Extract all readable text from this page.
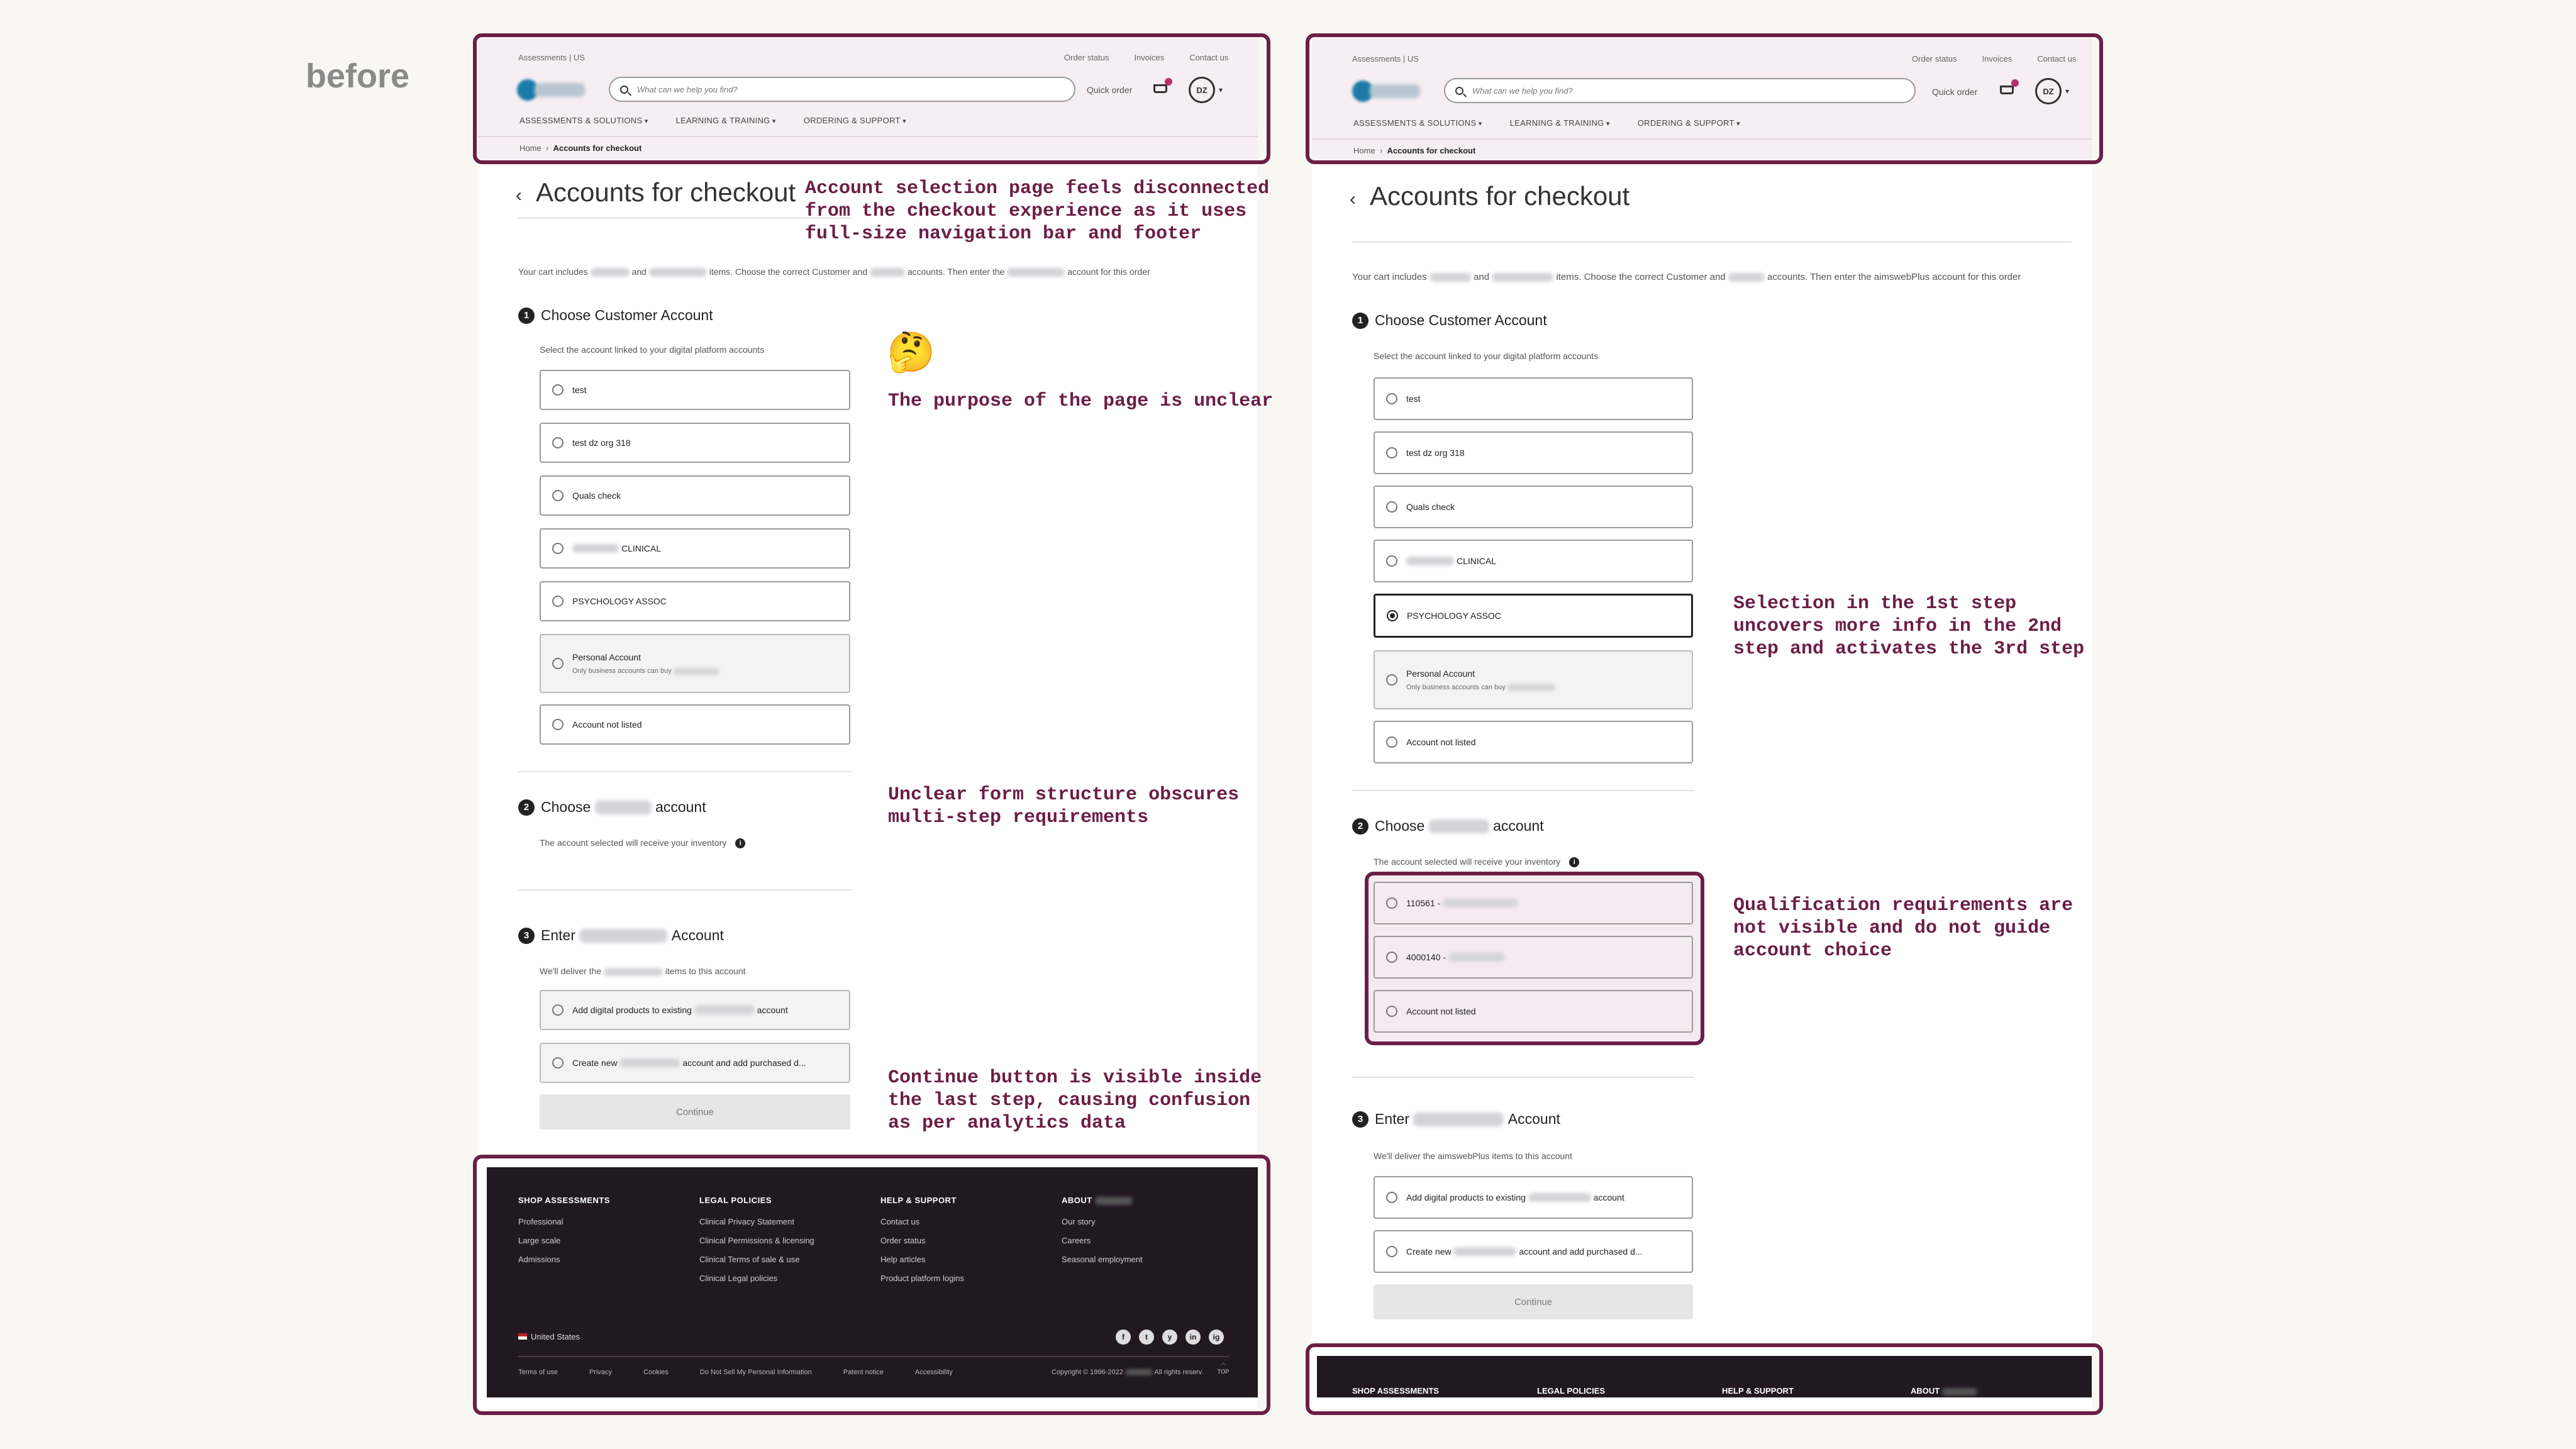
before	Assessments | US	Order status	Invoices	Contact us
What can we help you find?	Quick order	DZ	▾
ASSESSMENTS & SOLUTIONS ▾	LEARNING & TRAINING ▾	ORDERING & SUPPORT ▾
Home  ›  Accounts for checkout
‹ Accounts for checkout
Your cart includes	and	items. Choose the correct Customer and	accounts. Then enter the	account for this order
1 Choose Customer Account
Select the account linked to your digital platform accounts
test
test dz org 318
Quals check
CLINICAL
PSYCHOLOGY ASSOC
Personal Account
Only business accounts can buy
Account not listed
2 Choose

	account
The account selected will receive your inventory i
3 Enter

	Account
We'll deliver the	items to this account
Add digital products to existing

	account
Create new

	account and add purchased d...
Continue
SHOP ASSESSMENTS
Professional
Large scale
Admissions
LEGAL POLICIES
Clinical Privacy Statement
Clinical Permissions & licensing
Clinical Terms of sale & use
Clinical Legal policies
HELP & SUPPORT
Contact us
Order status
Help articles
Product platform logins
ABOUT
Our story
Careers
Seasonal employment
United States	f	t	y	in	ig
Terms of use	Privacy	Cookies	Do Not Sell My Personal Information	Patent notice	Accessibility	Copyright © 1996-2022	All rights reserv.
︿
TOP
Account selection page feels disconnected
from the checkout experience as it uses
full-size navigation bar and footer
🤔
The purpose of the page is unclear
Unclear form structure obscures
multi-step requirements
Continue button is visible inside
the last step, causing confusion
as per analytics data
Assessments | US	Order status	Invoices	Contact us
What can we help you find?	Quick order	DZ	▾
ASSESSMENTS & SOLUTIONS ▾	LEARNING & TRAINING ▾	ORDERING & SUPPORT ▾
Home  ›  Accounts for checkout
‹ Accounts for checkout
Your cart includes	and	items. Choose the correct Customer and	accounts. Then enter the aimswebPlus account for this order
1 Choose Customer Account
Select the account linked to your digital platform accounts
test
test dz org 318
Quals check
CLINICAL
PSYCHOLOGY ASSOC
Personal Account
Only business accounts can buy
Account not listed
2 Choose

	account
The account selected will receive your inventory i
110561 -

4000140 -

Account not listed
3 Enter

	Account
We'll deliver the aimswebPlus items to this account
Add digital products to existing

	account
Create new

	account and add purchased d...
Continue
SHOP ASSESSMENTS	LEGAL POLICIES	HELP & SUPPORT	ABOUT
Selection in the 1st step
uncovers more info in the 2nd
step and activates the 3rd step
Qualification requirements are
not visible and do not guide
account choice
